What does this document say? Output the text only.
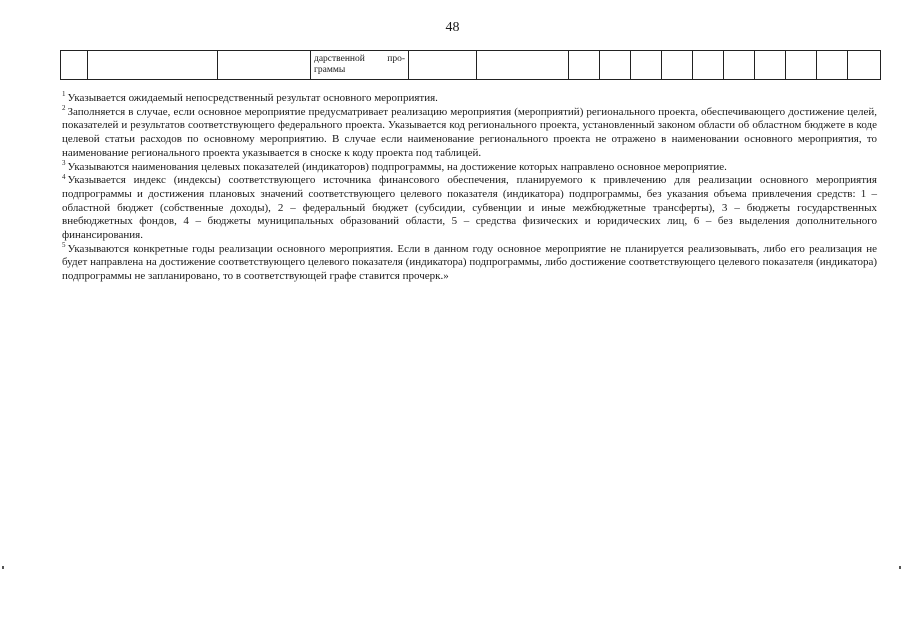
48

дарственной про-
граммы

$^1$ Указывается ожидаемый непосредственный результат основного мероприятия.

$^2$ Заполняется в случае, если основное мероприятие предусматривает реализацию мероприятия (мероприятий) регионального проекта, обеспечивающего достижение целей, показателей и результатов соответствующего федерального проекта. Указывается код регионального проекта, установленный законом области об областном бюджете в коде целевой статьи расходов по основному мероприятию. В случае если наименование регионального проекта не отражено в наименовании основного мероприятия, то наименование регионального проекта указывается в сноске к коду проекта под таблицей.

$^3$ Указываются наименования целевых показателей (индикаторов) подпрограммы, на достижение которых направлено основное мероприятие.

$^4$ Указывается индекс (индексы) соответствующего источника финансового обеспечения, планируемого к привлечению для реализации основного мероприятия подпрограммы и достижения плановых значений соответствующего целевого показателя (индикатора) подпрограммы, без указания объема привлечения средств: 1 – областной бюджет (собственные доходы), 2 – федеральный бюджет (субсидии, субвенции и иные межбюджетные трансферты), 3 – бюджеты государственных внебюджетных фондов, 4 – бюджеты муниципальных образований области, 5 – средства физических и юридических лиц, 6 – без выделения дополнительного финансирования.

$^5$ Указываются конкретные годы реализации основного мероприятия. Если в данном году основное мероприятие не планируется реализовывать, либо его реализация не будет направлена на достижение соответствующего целевого показателя (индикатора) подпрограммы, либо достижение соответствующего целевого показателя (индикатора) подпрограммы не запланировано, то в соответствующей графе ставится прочерк.»
